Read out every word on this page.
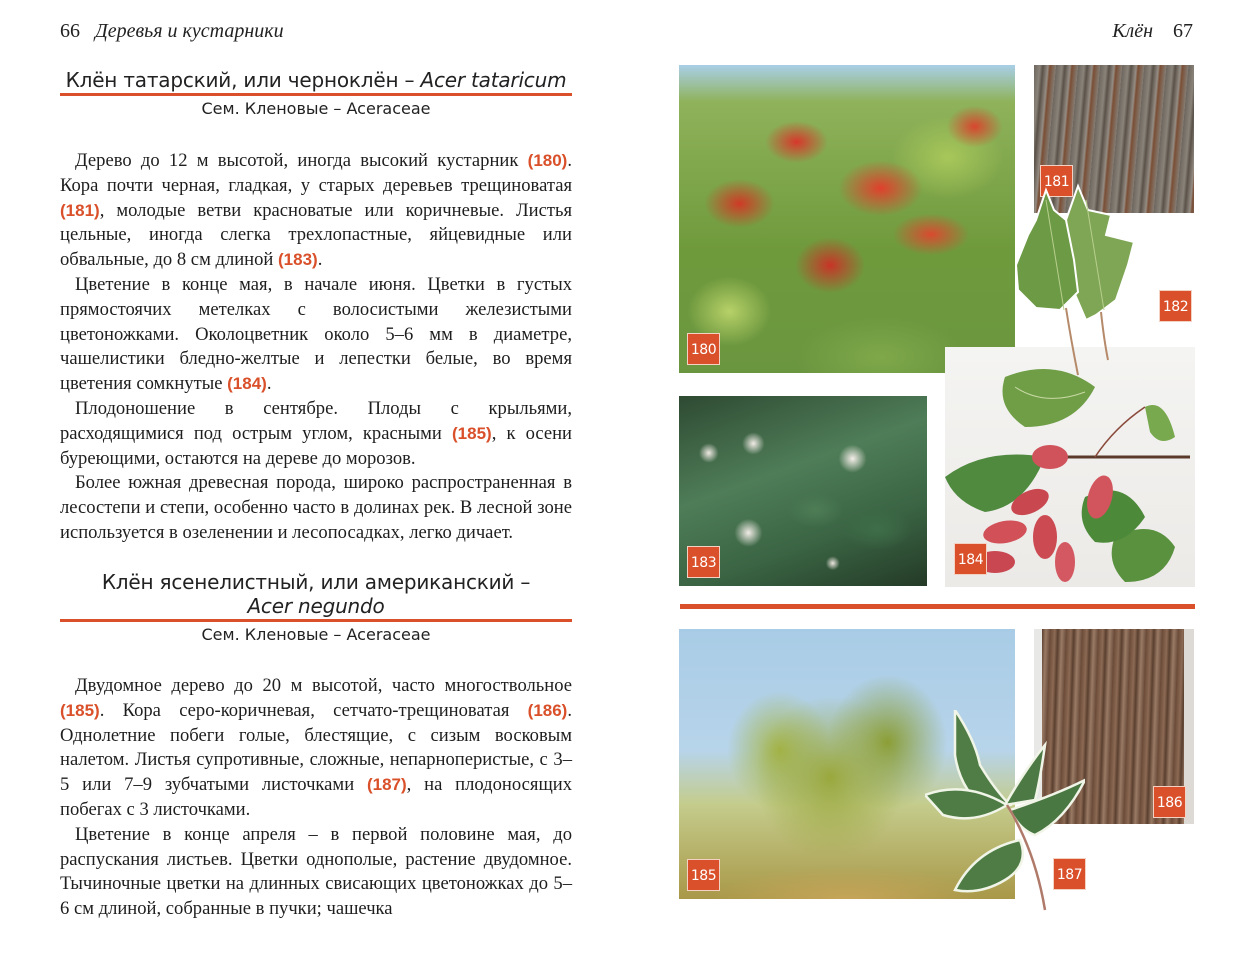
66 Деревья и кустарники
Клён татарский, или черноклён – Acer tataricum
Сем. Кленовые – Aceraceae

Дерево до 12 м высотой, иногда высокий кустарник (180). Кора почти черная, гладкая, у старых деревьев трещиноватая (181), молодые ветви красноватые или коричневые. Листья цельные, иногда слегка трехлопастные, яйцевидные или обвальные, до 8 см длиной (183).

Цветение в конце мая, в начале июня. Цветки в густых прямостоячих метелках с волосистыми железистыми цветоножками. Околоцветник около 5–6 мм в диаметре, чашелистики бледно-желтые и лепестки белые, во время цветения сомкнутые (184).

Плодоношение в сентябре. Плоды с крыльями, расходящимися под острым углом, красными (185), к осени буреющими, остаются на дереве до морозов.

Более южная древесная порода, широко распространенная в лесостепи и степи, особенно часто в долинах рек. В лесной зоне используется в озеленении и лесопосадках, легко дичает.

Клён ясенелистный, или американский –
Acer negundo
Сем. Кленовые – Aceraceae

Двудомное дерево до 20 м высотой, часто многоствольное (185). Кора серо-коричневая, сетчато-трещиноватая (186). Однолетние побеги голые, блестящие, с сизым восковым налетом. Листья супротивные, сложные, непарноперистые, с 3–5 или 7–9 зубчатыми листочками (187), на плодоносящих побегах с 3 листочками.

Цветение в конце апреля – в первой половине мая, до распускания листьев. Цветки однополые, растение двудомное. Тычиночные цветки на длинных свисающих цветоножках до 5–6 см длиной, собранные в пучки; чашечка

Клён 67
180
181
184
182
183
185
186
187
